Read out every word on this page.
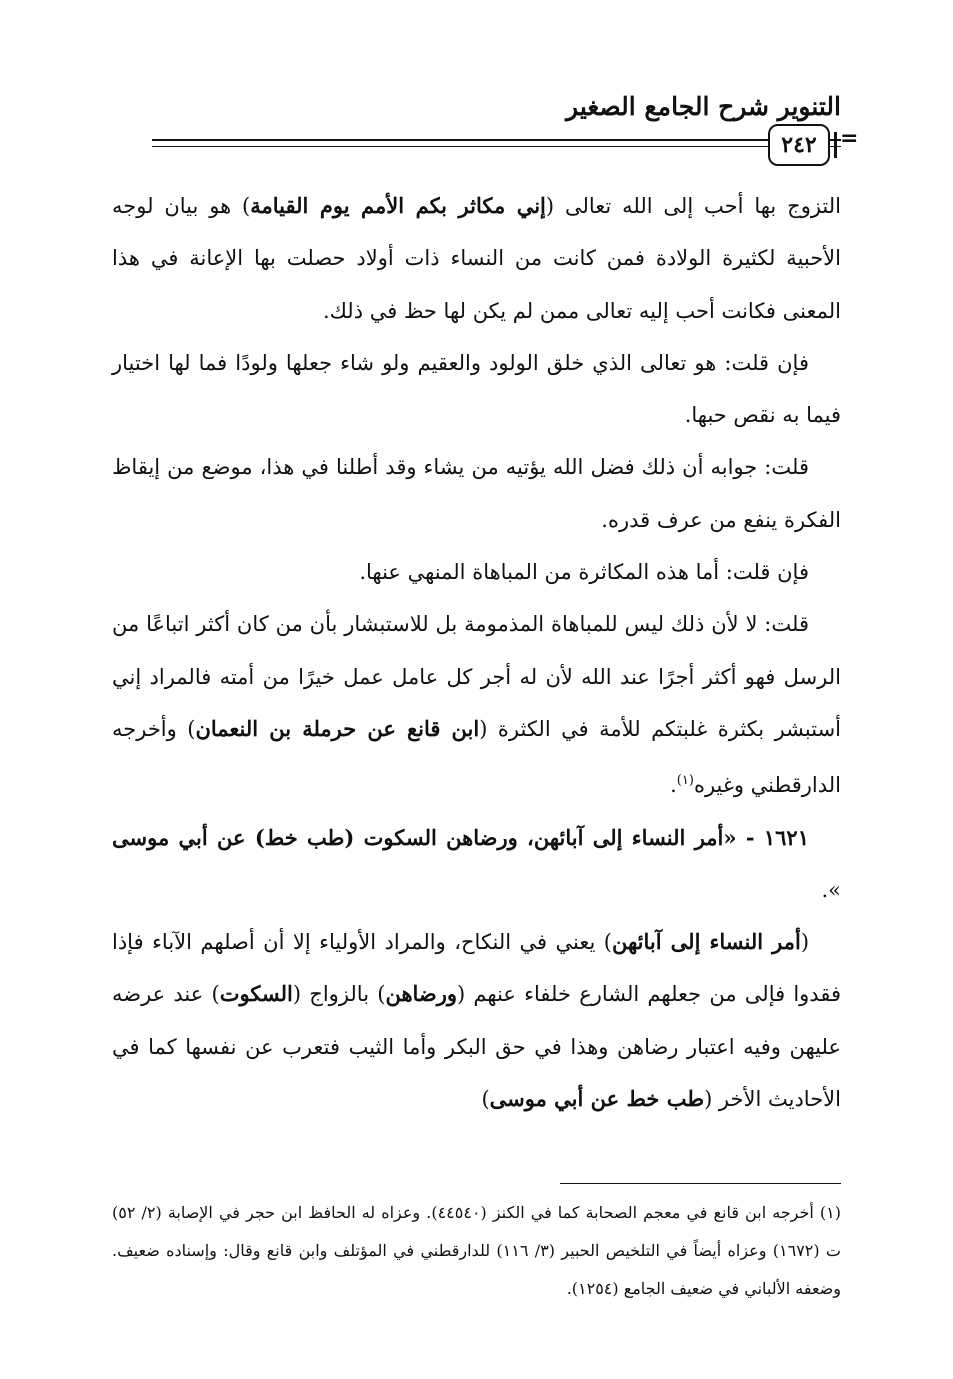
التنوير شرح الجامع الصغير
=
٢٤٢

التزوج بها أحب إلى الله تعالى (إني مكاثر بكم الأمم يوم القيامة) هو بيان لوجه الأحبية لكثيرة الولادة فمن كانت من النساء ذات أولاد حصلت بها الإعانة في هذا المعنى فكانت أحب إليه تعالى ممن لم يكن لها حظ في ذلك.

فإن قلت: هو تعالى الذي خلق الولود والعقيم ولو شاء جعلها ولودًا فما لها اختيار فيما به نقص حبها.

قلت: جوابه أن ذلك فضل الله يؤتيه من يشاء وقد أطلنا في هذا، موضع من إيقاظ الفكرة ينفع من عرف قدره.

فإن قلت: أما هذه المكاثرة من المباهاة المنهي عنها.

قلت: لا لأن ذلك ليس للمباهاة المذمومة بل للاستبشار بأن من كان أكثر اتباعًا من الرسل فهو أكثر أجرًا عند الله لأن له أجر كل عامل عمل خيرًا من أمته فالمراد إني أستبشر بكثرة غلبتكم للأمة في الكثرة (ابن قانع عن حرملة بن النعمان) وأخرجه الدارقطني وغيره$^{(١)}$.

١٦٢١ - «أمر النساء إلى آبائهن، ورضاهن السكوت (طب خط) عن أبي موسى ».

(أمر النساء إلى آبائهن) يعني في النكاح، والمراد الأولياء إلا أن أصلهم الآباء فإذا فقدوا فإلى من جعلهم الشارع خلفاء عنهم (ورضاهن) بالزواج (السكوت) عند عرضه عليهن وفيه اعتبار رضاهن وهذا في حق البكر وأما الثيب فتعرب عن نفسها كما في الأحاديث الأخر (طب خط عن أبي موسى)

(١) أخرجه ابن قانع في معجم الصحابة كما في الكنز (٤٤٥٤٠). وعزاه له الحافظ ابن حجر في الإصابة (٢/ ٥٢) ت (١٦٧٢) وعزاه أيضاً في التلخيص الحبير (٣/ ١١٦) للدارقطني في المؤتلف وابن قانع وقال: وإسناده ضعيف. وضعفه الألباني في ضعيف الجامع (١٢٥٤).
